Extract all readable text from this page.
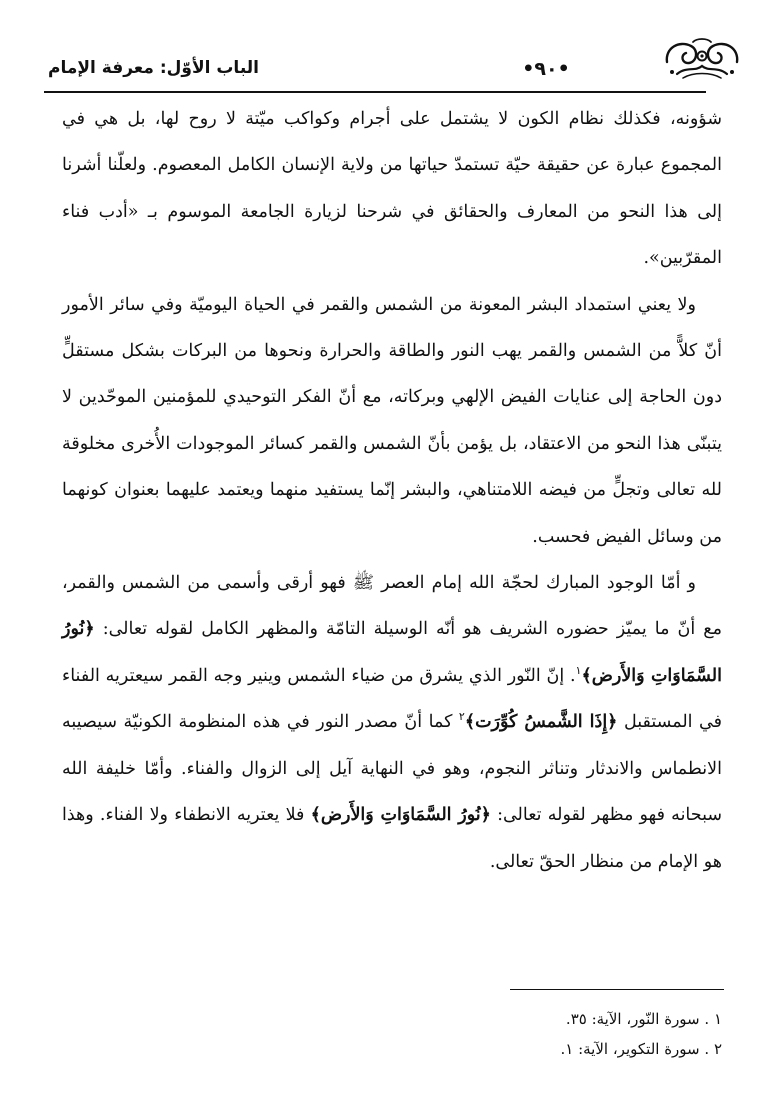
•٩٠•
الباب الأوّل: معرفة الإمام

شؤونه، فكذلك نظام الكون لا يشتمل على أجرام وكواكب ميّتة لا روح لها، بل هي في المجموع عبارة عن حقيقة حيّة تستمدّ حياتها من ولاية الإنسان الكامل المعصوم. ولعلّنا أشرنا إلى هذا النحو من المعارف والحقائق في شرحنا لزيارة الجامعة الموسوم بـ «أدب فناء المقرّبين».

ولا يعني استمداد البشر المعونة من الشمس والقمر في الحياة اليوميّة وفي سائر الأمور أنّ كلاًّ من الشمس والقمر يهب النور والطاقة والحرارة ونحوها من البركات بشكل مستقلٍّ دون الحاجة إلى عنايات الفيض الإلهي وبركاته، مع أنّ الفكر التوحيدي للمؤمنين الموحّدين لا يتبنّى هذا النحو من الاعتقاد، بل يؤمن بأنّ الشمس والقمر كسائر الموجودات الأُخرى مخلوقة لله تعالى وتجلٍّ من فيضه اللامتناهي، والبشر إنّما يستفيد منهما ويعتمد عليهما بعنوان كونهما من وسائل الفيض فحسب.

و أمّا الوجود المبارك لحجّة الله إمام العصر ﷺ فهو أرقى وأسمى من الشمس والقمر، مع أنّ ما يميّز حضوره الشريف هو أنّه الوسيلة التامّة والمظهر الكامل لقوله تعالى: ﴿نُورُ السَّمَاوَاتِ وَالأَرض﴾$^١$. إنّ النّور الذي يشرق من ضياء الشمس وينير وجه القمر سيعتريه الفناء في المستقبل ﴿إِذَا الشَّمسُ كُوِّرَت﴾$^٢$ كما أنّ مصدر النور في هذه المنظومة الكونيّة سيصيبه الانطماس والاندثار وتناثر النجوم، وهو في النهاية آيل إلى الزوال والفناء. وأمّا خليفة الله سبحانه فهو مظهر لقوله تعالى: ﴿نُورُ السَّمَاوَاتِ وَالأَرض﴾ فلا يعتريه الانطفاء ولا الفناء. وهذا هو الإمام من منظار الحقّ تعالى.

١ . سورة النّور، الآية: ٣٥.
٢ . سورة التكوير، الآية: ١.
